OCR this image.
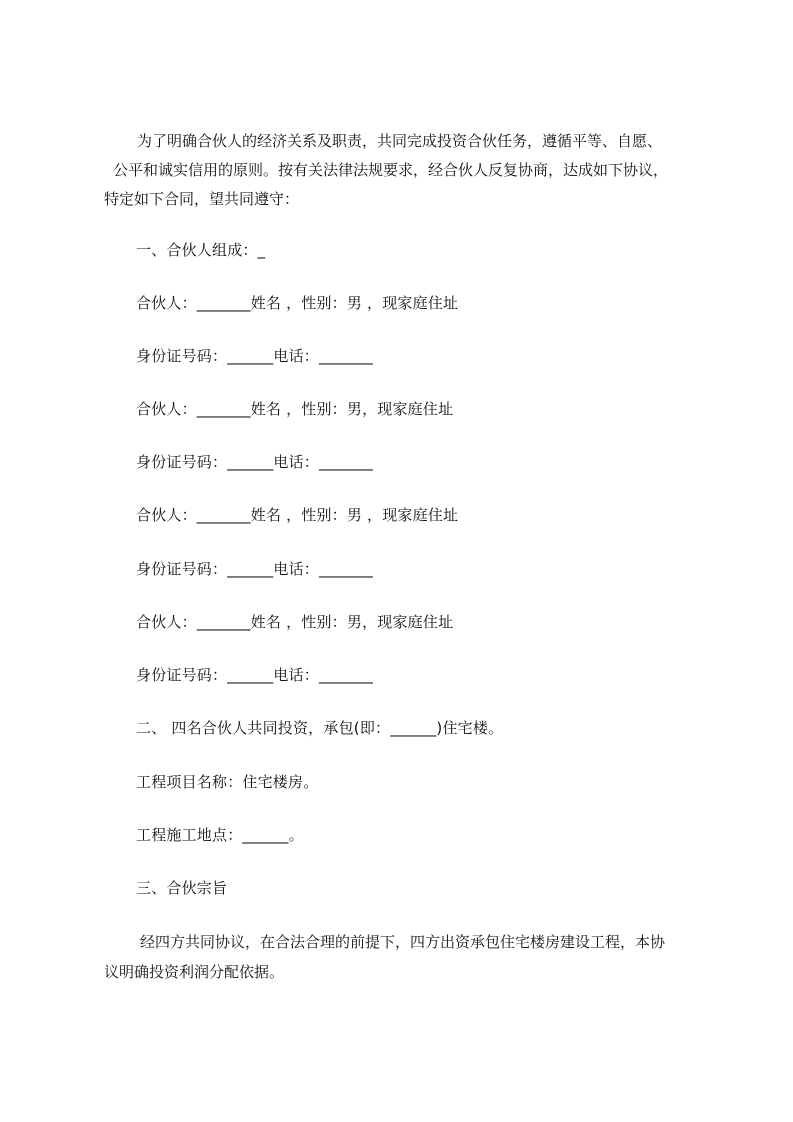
为了明确合伙人的经济关系及职责，共同完成投资合伙任务，遵循平等、自愿、
公平和诚实信用的原则。按有关法律法规要求，经合伙人反复协商，达成如下协议，
特定如下合同，望共同遵守：
一、合伙人组成：_
合伙人：_______姓名 ，性别：男 ，现家庭住址
身份证号码：______电话：_______
合伙人：_______姓名 ，性别：男，现家庭住址
身份证号码：______电话：_______
合伙人：_______姓名 ，性别：男 ，现家庭住址
身份证号码：______电话：_______
合伙人：_______姓名 ，性别：男，现家庭住址
身份证号码：______电话：_______
二、 四名合伙人共同投资，承包(即：______)住宅楼。
工程项目名称：住宅楼房。
工程施工地点：______。
三、合伙宗旨
经四方共同协议，在合法合理的前提下，四方出资承包住宅楼房建设工程，本协
议明确投资利润分配依据。
